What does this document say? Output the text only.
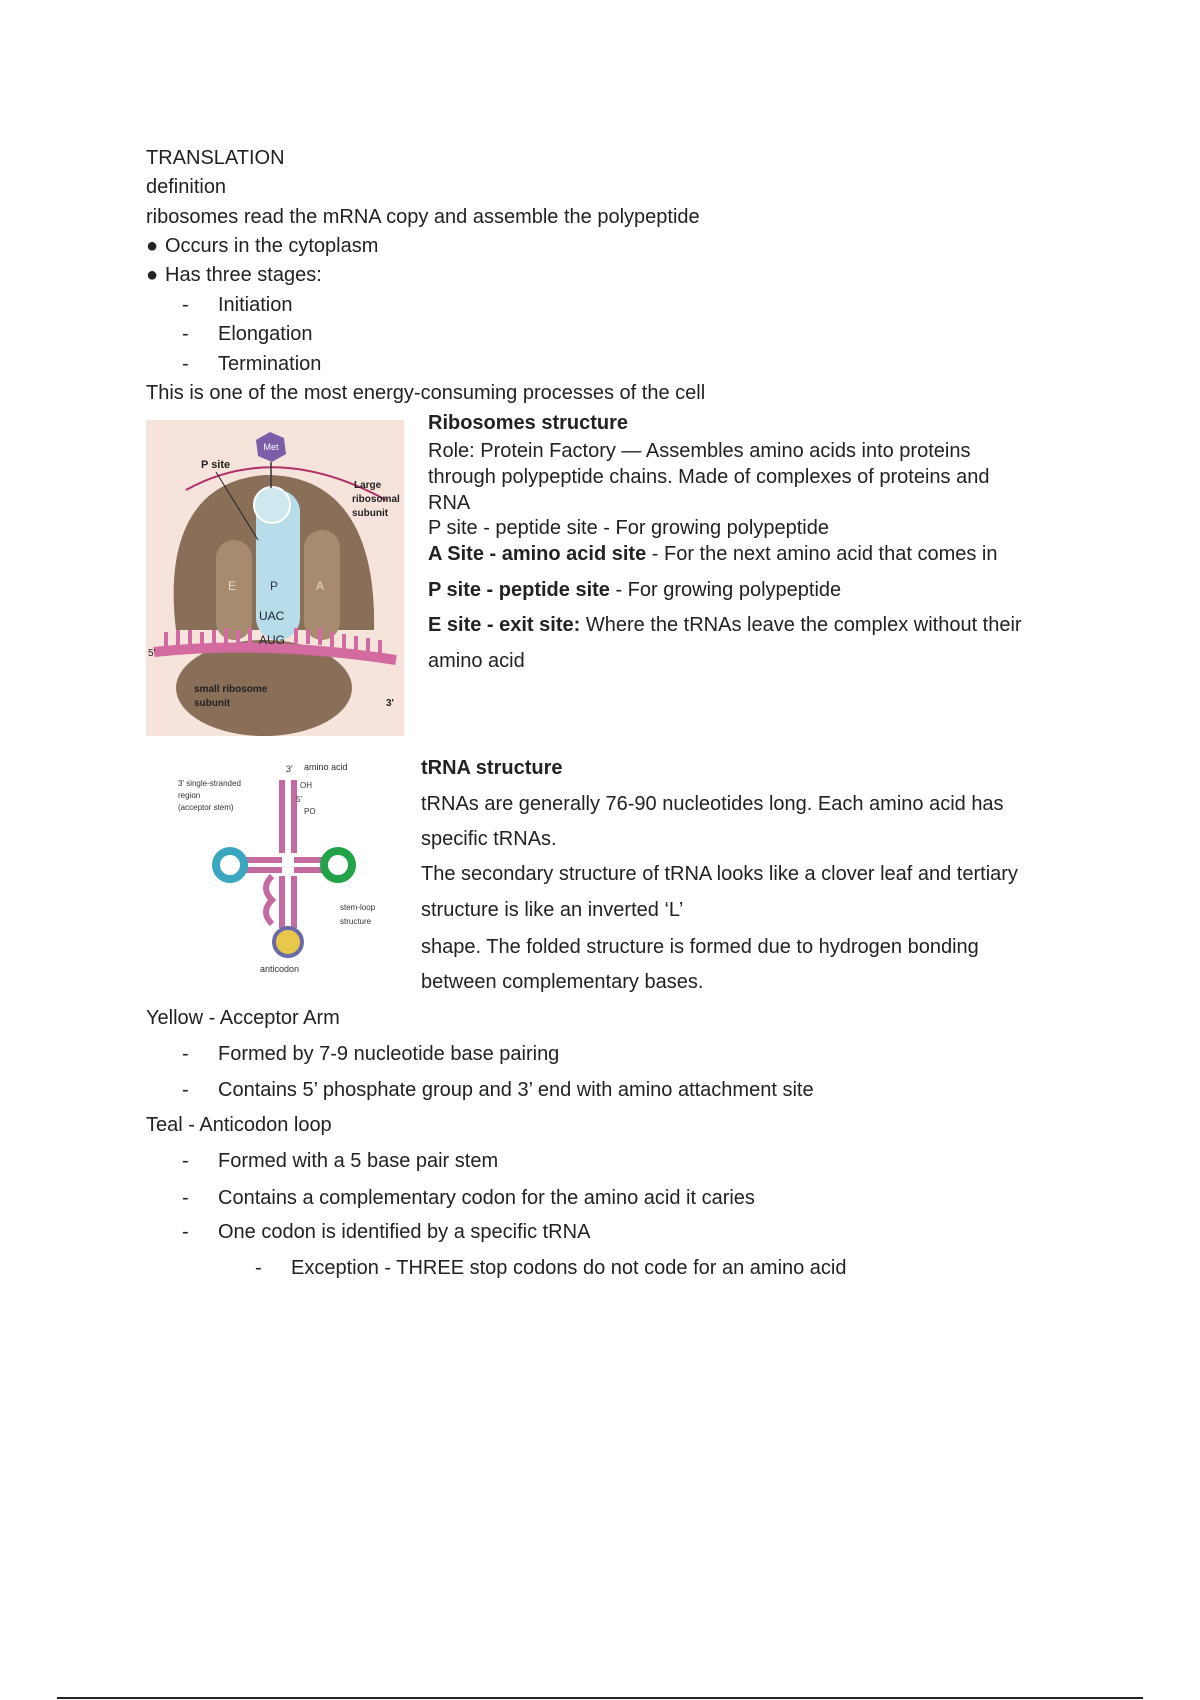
TRANSLATION

definition

ribosomes read the mRNA copy and assemble the polypeptide

● Occurs in the cytoplasm

● Has three stages:

- Initiation

- Elongation

- Termination

This is one of the most energy-consuming processes of the cell

Met
P site
Large
ribosomal
subunit
E	P	A
UAC
AUG
5'
small ribosome
subunit	3'

Ribosomes structure

Role: Protein Factory — Assembles amino acids into proteins

through polypeptide chains. Made of complexes of proteins and

RNA

P site - peptide site - For growing polypeptide

A Site - amino acid site - For the next amino acid that comes in

P site - peptide site - For growing polypeptide

E site - exit site: Where the tRNAs leave the complex without their

amino acid

3' amino acid
OH
5'
PO
3' single-stranded
region
(acceptor stem)
stem-loop
structure
anticodon

tRNA structure

tRNAs are generally 76-90 nucleotides long. Each amino acid has

specific tRNAs.

The secondary structure of tRNA looks like a clover leaf and tertiary

structure is like an inverted ‘L’

shape. The folded structure is formed due to hydrogen bonding

between complementary bases.

Yellow - Acceptor Arm

- Formed by 7-9 nucleotide base pairing

- Contains 5’ phosphate group and 3’ end with amino attachment site

Teal - Anticodon loop

- Formed with a 5 base pair stem

- Contains a complementary codon for the amino acid it caries

- One codon is identified by a specific tRNA

- Exception - THREE stop codons do not code for an amino acid
